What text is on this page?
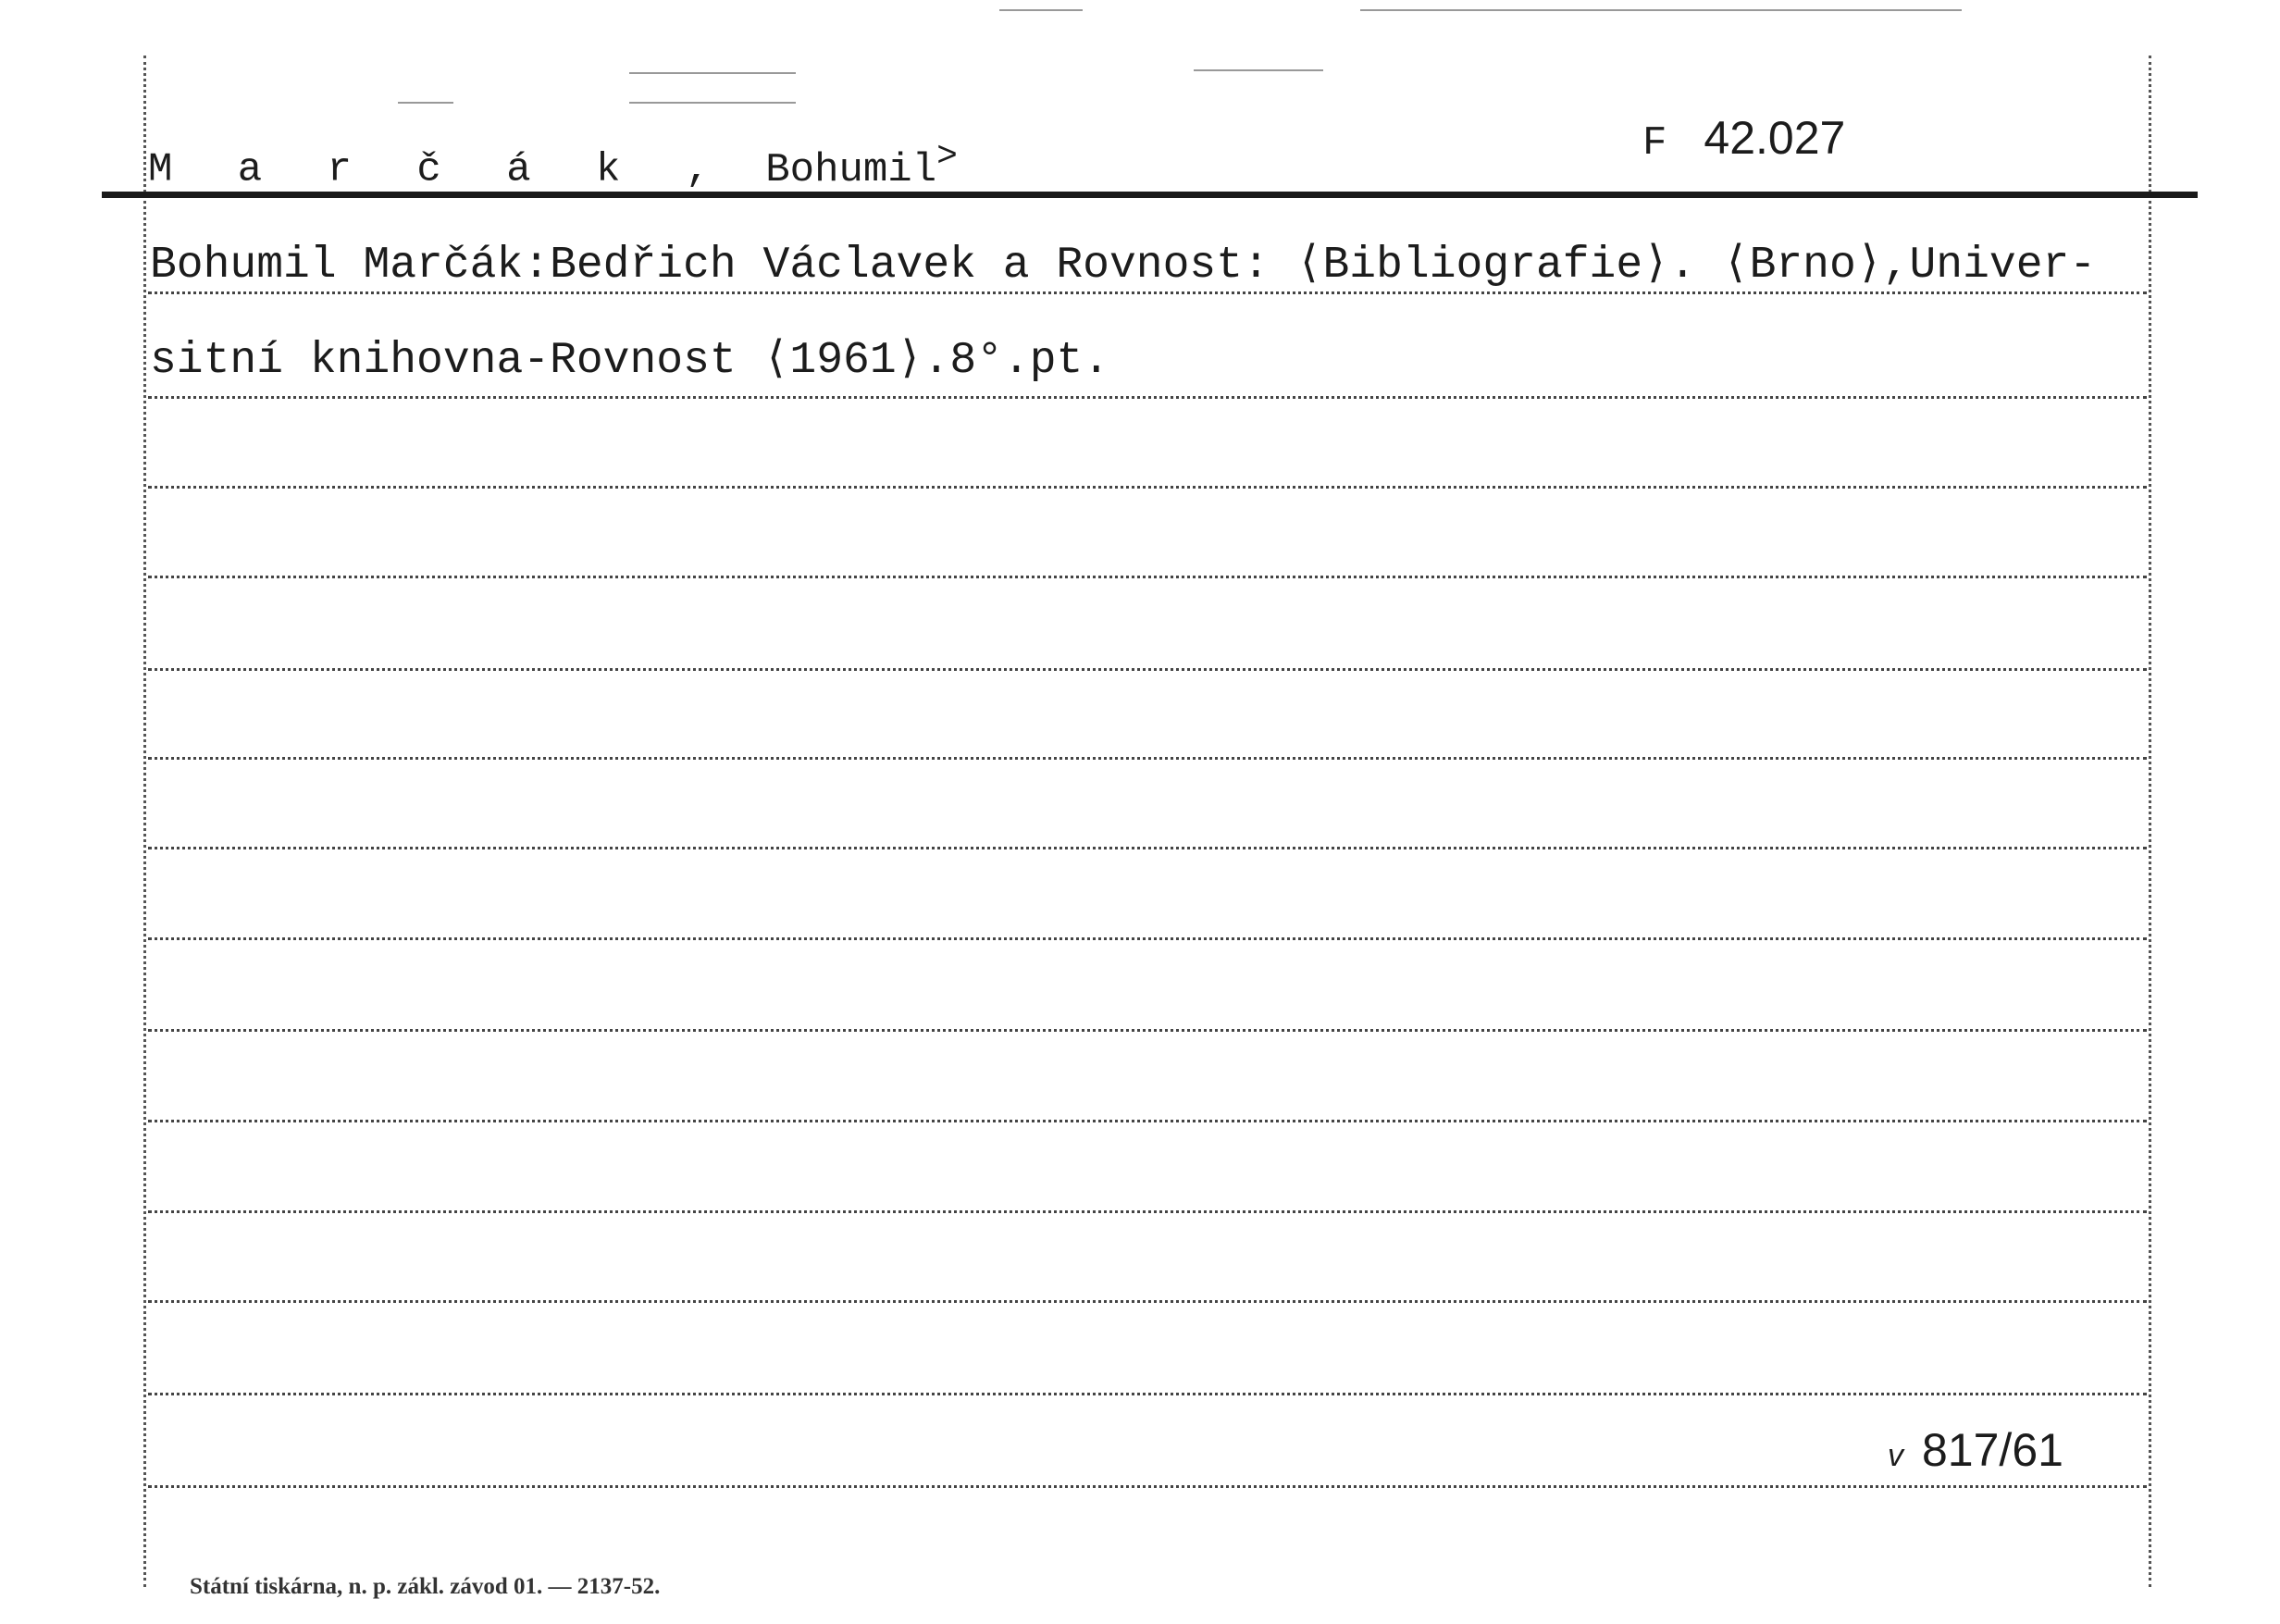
M a r č á k , Bohumil>	F 42.027
Bohumil Marčák:Bedřich Václavek a Rovnost: ⟨Bibliografie⟩. ⟨Brno⟩,Univer-
sitní knihovna-Rovnost ⟨1961⟩.8°.pt.
v 817/61
Státní tiskárna, n. p. zákl. závod 01. — 2137-52.
